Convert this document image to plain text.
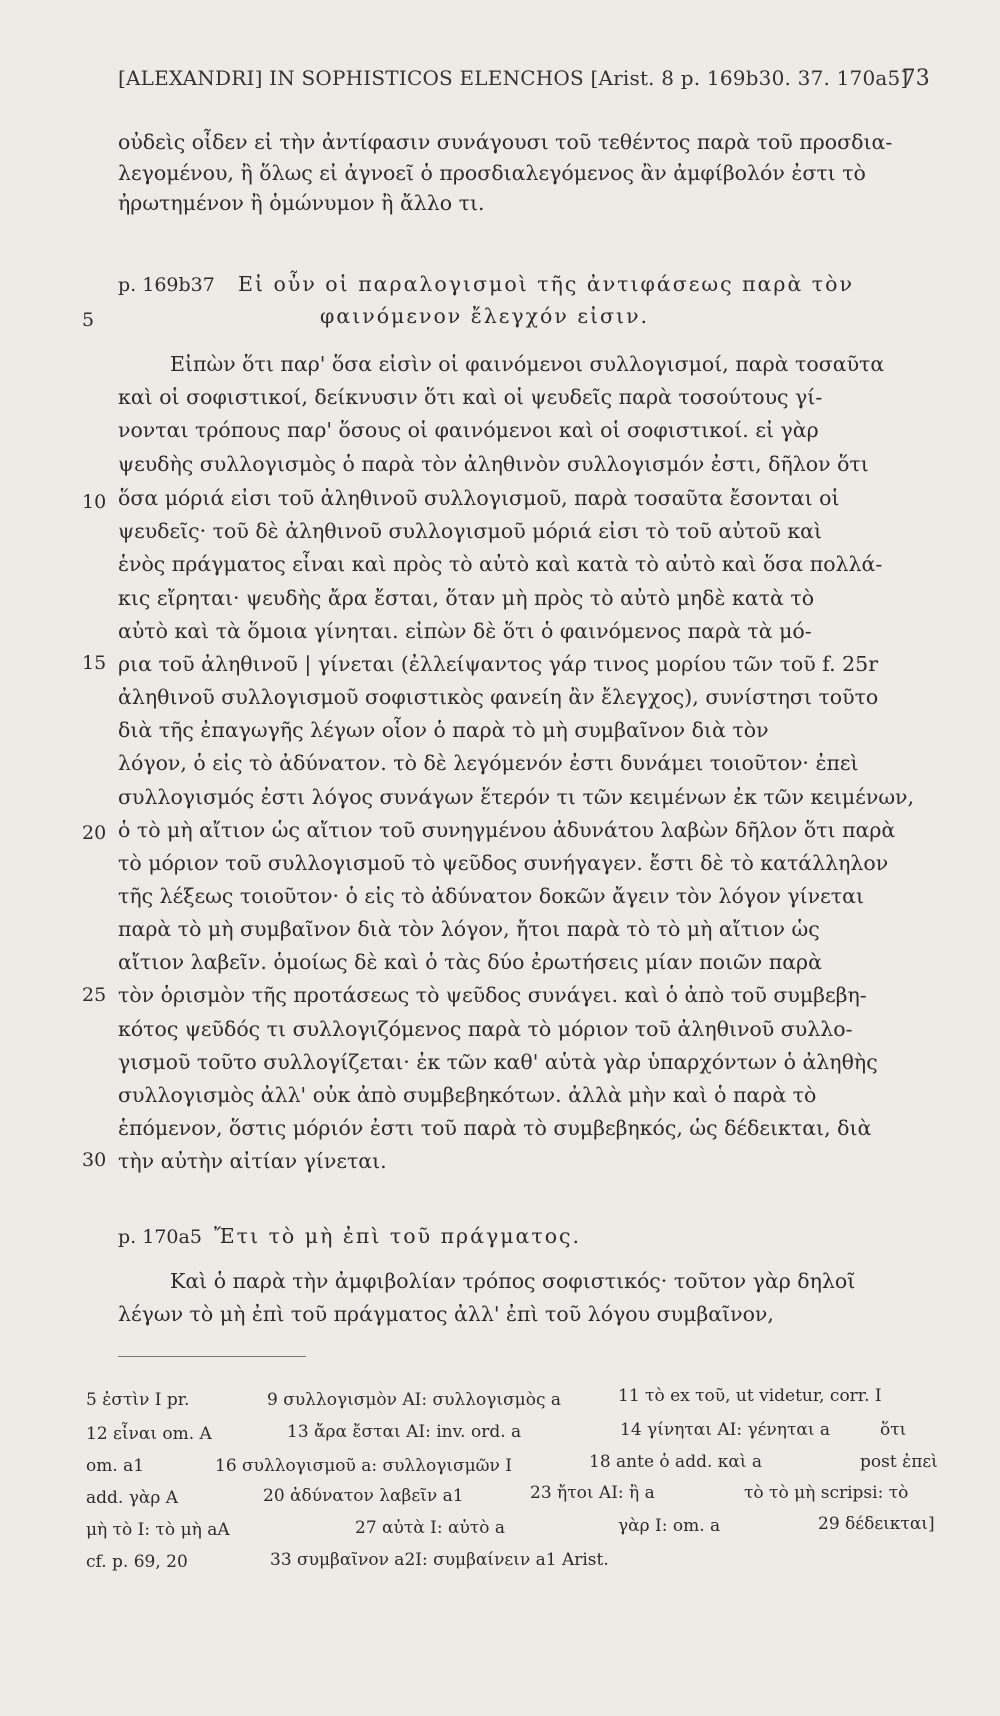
[ALEXANDRI] IN SOPHISTICOS ELENCHOS [Arist. 8 p. 169b30. 37. 170a5]
73
οὐδεὶς οἶδεν εἰ τὴν ἀντίφασιν συνάγουσι τοῦ τεθέντος παρὰ τοῦ προσδια-
λεγομένου, ἢ ὅλως εἰ ἀγνοεῖ ὁ προσδιαλεγόμενος ἂν ἀμφίβολόν ἐστι τὸ
ἠρωτημένον ἢ ὁμώνυμον ἢ ἄλλο τι.
p. 169b37 Εἰ οὖν οἱ παραλογισμοὶ τῆς ἀντιφάσεως παρὰ τὸν
φαινόμενον ἔλεγχόν εἰσιν.
5
10
15
20
25
30
Εἰπὼν ὅτι παρ' ὅσα εἰσὶν οἱ φαινόμενοι συλλογισμοί, παρὰ τοσαῦτα
καὶ οἱ σοφιστικοί, δείκνυσιν ὅτι καὶ οἱ ψευδεῖς παρὰ τοσούτους γί-
νονται τρόπους παρ' ὅσους οἱ φαινόμενοι καὶ οἱ σοφιστικοί. εἰ γὰρ
ψευδὴς συλλογισμὸς ὁ παρὰ τὸν ἀληθινὸν συλλογισμόν ἐστι, δῆλον ὅτι
ὅσα μόριά εἰσι τοῦ ἀληθινοῦ συλλογισμοῦ, παρὰ τοσαῦτα ἔσονται οἱ
ψευδεῖς· τοῦ δὲ ἀληθινοῦ συλλογισμοῦ μόριά εἰσι τὸ τοῦ αὐτοῦ καὶ
ἑνὸς πράγματος εἶναι καὶ πρὸς τὸ αὐτὸ καὶ κατὰ τὸ αὐτὸ καὶ ὅσα πολλά-
κις εἴρηται· ψευδὴς ἄρα ἔσται, ὅταν μὴ πρὸς τὸ αὐτὸ μηδὲ κατὰ τὸ
αὐτὸ καὶ τὰ ὅμοια γίνηται. εἰπὼν δὲ ὅτι ὁ φαινόμενος παρὰ τὰ μό-
ρια τοῦ ἀληθινοῦ | γίνεται (ἐλλείψαντος γάρ τινος μορίου τῶν τοῦ f. 25r
ἀληθινοῦ συλλογισμοῦ σοφιστικὸς φανείη ἂν ἔλεγχος), συνίστησι τοῦτο
διὰ τῆς ἐπαγωγῆς λέγων οἷον ὁ παρὰ τὸ μὴ συμβαῖνον διὰ τὸν
λόγον, ὁ εἰς τὸ ἀδύνατον. τὸ δὲ λεγόμενόν ἐστι δυνάμει τοιοῦτον· ἐπεὶ
συλλογισμός ἐστι λόγος συνάγων ἕτερόν τι τῶν κειμένων ἐκ τῶν κειμένων,
ὁ τὸ μὴ αἴτιον ὡς αἴτιον τοῦ συνηγμένου ἀδυνάτου λαβὼν δῆλον ὅτι παρὰ
τὸ μόριον τοῦ συλλογισμοῦ τὸ ψεῦδος συνήγαγεν. ἔστι δὲ τὸ κατάλληλον
τῆς λέξεως τοιοῦτον· ὁ εἰς τὸ ἀδύνατον δοκῶν ἄγειν τὸν λόγον γίνεται
παρὰ τὸ μὴ συμβαῖνον διὰ τὸν λόγον, ἤτοι παρὰ τὸ τὸ μὴ αἴτιον ὡς
αἴτιον λαβεῖν. ὁμοίως δὲ καὶ ὁ τὰς δύο ἐρωτήσεις μίαν ποιῶν παρὰ
τὸν ὁρισμὸν τῆς προτάσεως τὸ ψεῦδος συνάγει. καὶ ὁ ἀπὸ τοῦ συμβεβη-
κότος ψεῦδός τι συλλογιζόμενος παρὰ τὸ μόριον τοῦ ἀληθινοῦ συλλο-
γισμοῦ τοῦτο συλλογίζεται· ἐκ τῶν καθ' αὑτὰ γὰρ ὑπαρχόντων ὁ ἀληθὴς
συλλογισμὸς ἀλλ' οὐκ ἀπὸ συμβεβηκότων. ἀλλὰ μὴν καὶ ὁ παρὰ τὸ
ἑπόμενον, ὅστις μόριόν ἐστι τοῦ παρὰ τὸ συμβεβηκός, ὡς δέδεικται, διὰ
τὴν αὐτὴν αἰτίαν γίνεται.
p. 170a5 Ἔτι τὸ μὴ ἐπὶ τοῦ πράγματος.
Καὶ ὁ παρὰ τὴν ἀμφιβολίαν τρόπος σοφιστικός· τοῦτον γὰρ δηλοῖ
λέγων τὸ μὴ ἐπὶ τοῦ πράγματος ἀλλ' ἐπὶ τοῦ λόγου συμβαῖνον,
5 ἐστὶν I pr.	9 συλλογισμὸν AI: συλλογισμὸς a	11 τὸ ex τοῦ, ut videtur, corr. I
12 εἶναι om. A	13 ἄρα ἔσται AI: inv. ord. a	14 γίνηται AI: γένηται a	ὅτι
om. a1	16 συλλογισμοῦ a: συλλογισμῶν I	18 ante ὁ add. καὶ a	post ἐπεὶ
add. γὰρ A	20 ἀδύνατον λαβεῖν a1	23 ἤτοι AI: ἢ a	τὸ τὸ μὴ scripsi: τὸ
μὴ τὸ I: τὸ μὴ aA	27 αὐτὰ I: αὐτὸ a	γὰρ I: om. a	29 δέδεικται]
cf. p. 69, 20	33 συμβαῖνον a2I: συμβαίνειν a1 Arist.
